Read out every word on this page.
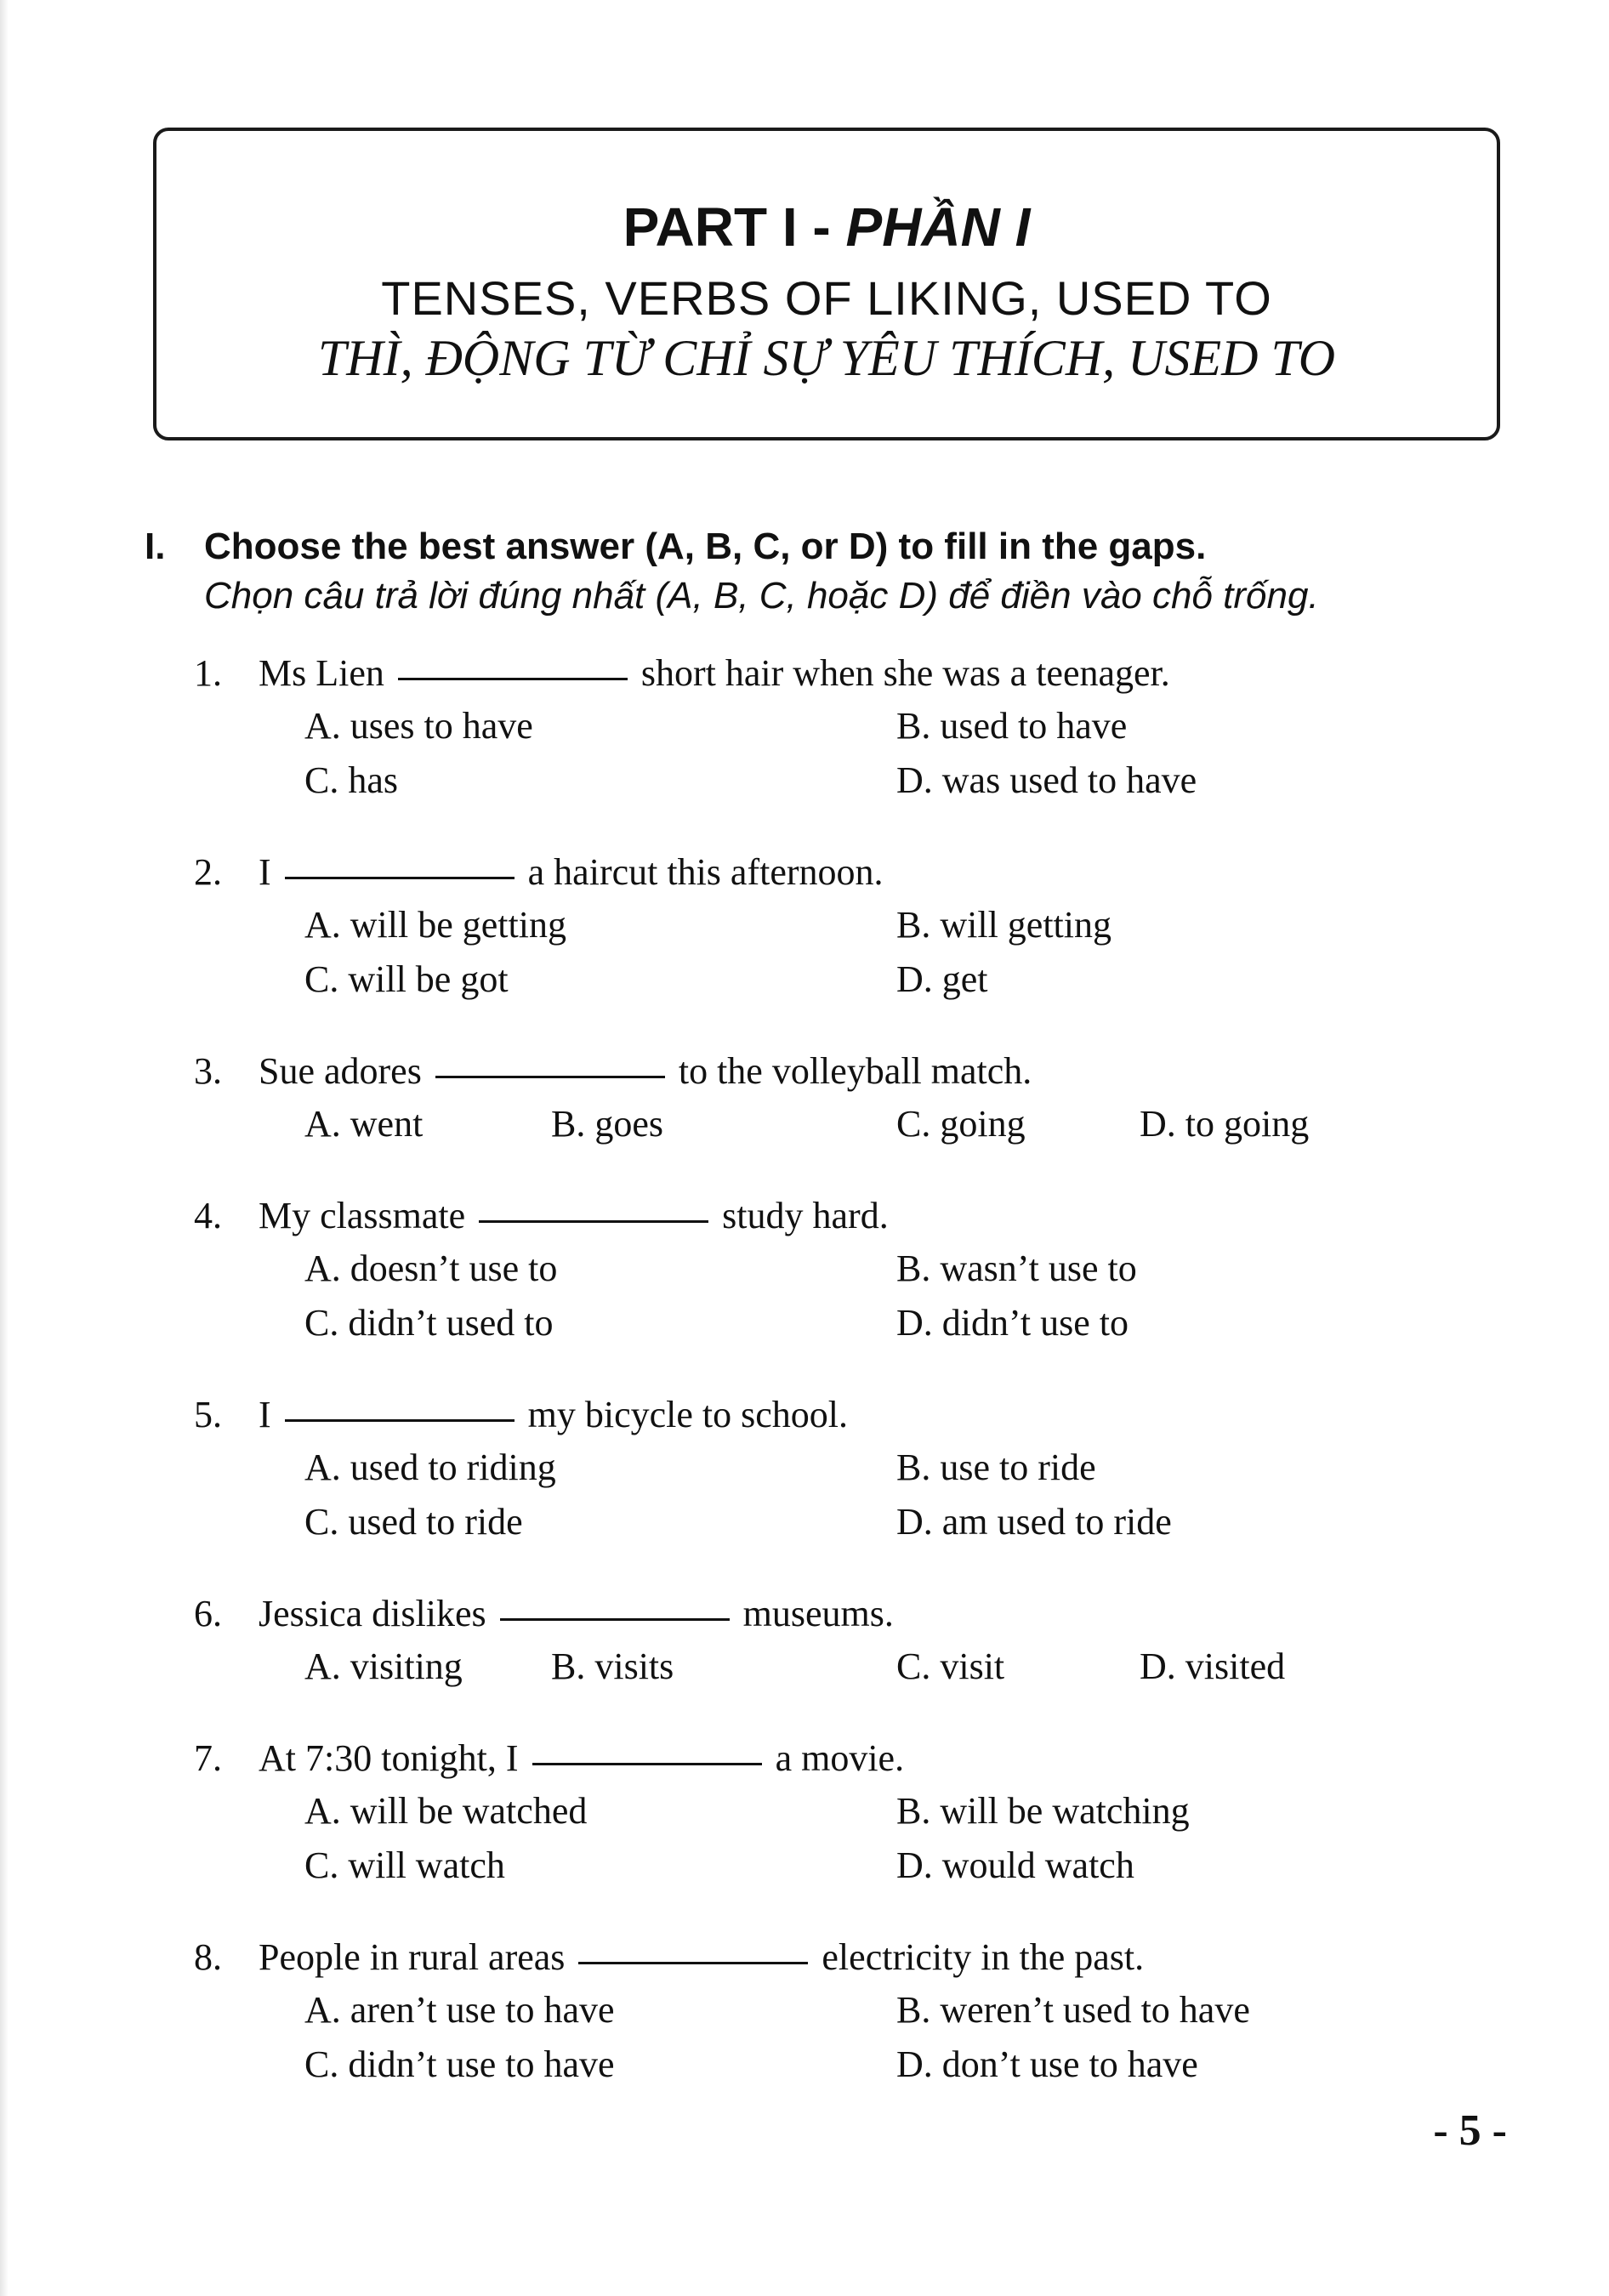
PART I - PHẦN I
TENSES, VERBS OF LIKING, USED TO
THÌ, ĐỘNG TỪ CHỈ SỰ YÊU THÍCH, USED TO
I.	Choose the best answer (A, B, C, or D) to fill in the gaps.
Chọn câu trả lời đúng nhất (A, B, C, hoặc D) để điền vào chỗ trống.
1. Ms Lien	short hair when she was a teenager.
A. uses to have	B. used to have
C. has	D. was used to have
2. I	a haircut this afternoon.
A. will be getting	B. will getting
C. will be got	D. get
3. Sue adores	to the volleyball match.
A. went	B. goes	C. going	D. to going
4. My classmate	study hard.
A. doesn’t use to	B. wasn’t use to
C. didn’t used to	D. didn’t use to
5. I	my bicycle to school.
A. used to riding	B. use to ride
C. used to ride	D. am used to ride
6. Jessica dislikes	museums.
A. visiting	B. visits	C. visit	D. visited
7. At 7:30 tonight, I	a movie.
A. will be watched	B. will be watching
C. will watch	D. would watch
8. People in rural areas	electricity in the past.
A. aren’t use to have	B. weren’t used to have
C. didn’t use to have	D. don’t use to have
- 5 -
